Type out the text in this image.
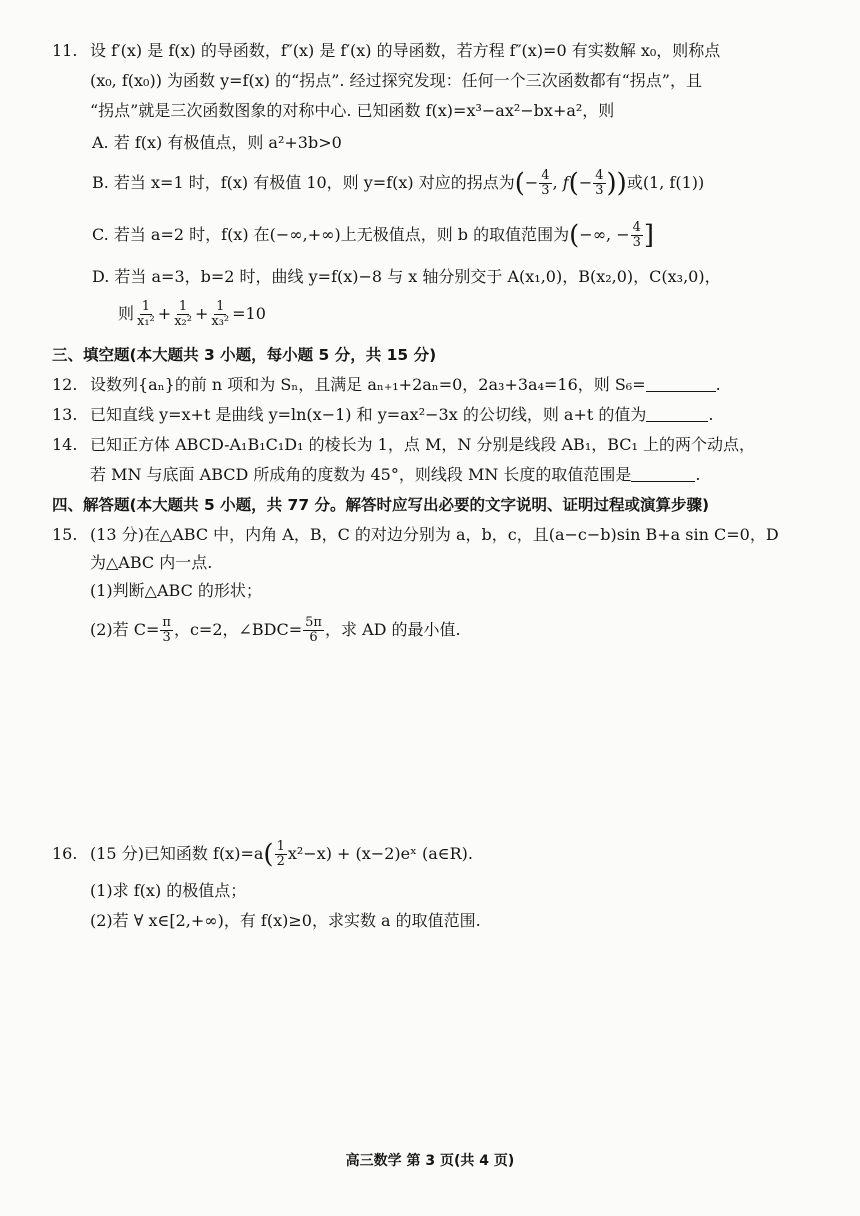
11. 设 f′(x) 是 f(x) 的导函数，f″(x) 是 f′(x) 的导函数，若方程 f″(x)=0 有实数解 x₀，则称点
(x₀, f(x₀)) 为函数 y=f(x) 的“拐点”. 经过探究发现：任何一个三次函数都有“拐点”，且
“拐点”就是三次函数图象的对称中心. 已知函数 f(x)=x³−ax²−bx+a²，则
A. 若 f(x) 有极值点，则 a²+3b>0
B. 若当 x=1 时，f(x) 有极值 10，则 y=f(x) 对应的拐点为(− $\frac{4}{3}$ , $f(- \frac{4}{3}$ ))或(1, f(1))
C. 若当 a=2 时，f(x) 在(−∞,+∞)上无极值点，则 b 的取值范围为(−∞, − $\frac{4}{3}$ ]
D. 若当 a=3，b=2 时，曲线 y=f(x)−8 与 x 轴分别交于 A(x₁,0)，B(x₂,0)，C(x₃,0)，
则 $\frac{1}{\text{x₁²}} + \frac{1}{\text{x₂²}} + \frac{1}{\text{x₃²}} =10$
三、填空题(本大题共 3 小题，每小题 5 分，共 15 分)
12. 设数列{aₙ}的前 n 项和为 Sₙ，且满足 aₙ₊₁+2aₙ=0，2a₃+3a₄=16，则 S₆=	.
13. 已知直线 y=x+t 是曲线 y=ln(x−1) 和 y=ax²−3x 的公切线，则 a+t 的值为	.
14. 已知正方体 ABCD-A₁B₁C₁D₁ 的棱长为 1，点 M，N 分别是线段 AB₁，BC₁ 上的两个动点，
若 MN 与底面 ABCD 所成角的度数为 45°，则线段 MN 长度的取值范围是	.
四、解答题(本大题共 5 小题，共 77 分。解答时应写出必要的文字说明、证明过程或演算步骤)
15. (13 分)在△ABC 中，内角 A，B，C 的对边分别为 a，b，c，且(a−c−b)sin B+a sin C=0，D
为△ABC 内一点.
(1)判断△ABC 的形状；
(2)若 $C= \frac{\pi}{3}$ ，c=2，∠BDC= $\frac{5\pi}{6}$ ，求 AD 的最小值.
16. (15 分)已知函数 $f(x)=a( \frac{1}{2} x^2-x)$ + (x−2)eˣ (a∈R).
(1)求 f(x) 的极值点；
(2)若 ∀ x∈[2,+∞)，有 f(x)≥0，求实数 a 的取值范围.
高三数学 第 3 页(共 4 页)
